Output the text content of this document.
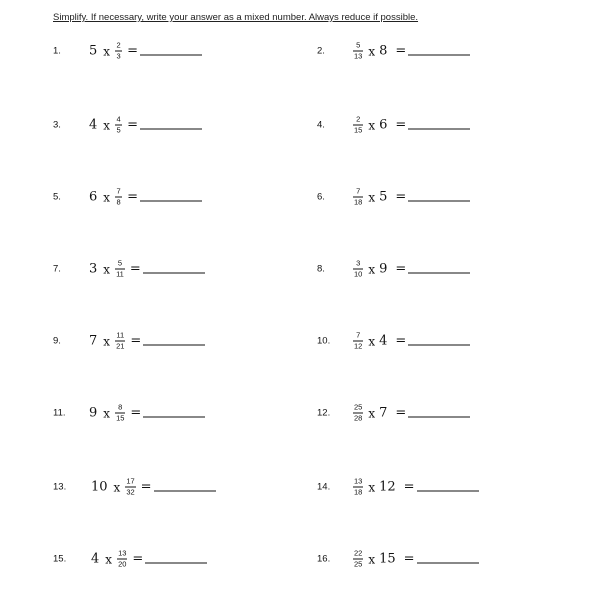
Simplify. If necessary, write your answer as a mixed number. Always reduce if possible.
1. 5 x $\frac{2}{3}$ =
3. 4 x $\frac{4}{5}$ =
5. 6 x $\frac{7}{8}$ =
7. 3 x $\frac{5}{11}$ =
9. 7 x $\frac{11}{21}$ =
11. 9 x $\frac{8}{15}$ =
13. 10 x $\frac{17}{32}$ =
15. 4 x $\frac{13}{20}$ =
2.	$\frac{5}{13}$ x 8 =
4.	$\frac{2}{15}$ x 6 =
6.	$\frac{7}{18}$ x 5 =
8.	$\frac{3}{10}$ x 9 =
10.	$\frac{7}{12}$ x 4 =
12.	$\frac{25}{28}$ x 7 =
14.	$\frac{13}{18}$ x 12 =
16.	$\frac{22}{25}$ x 15 =
